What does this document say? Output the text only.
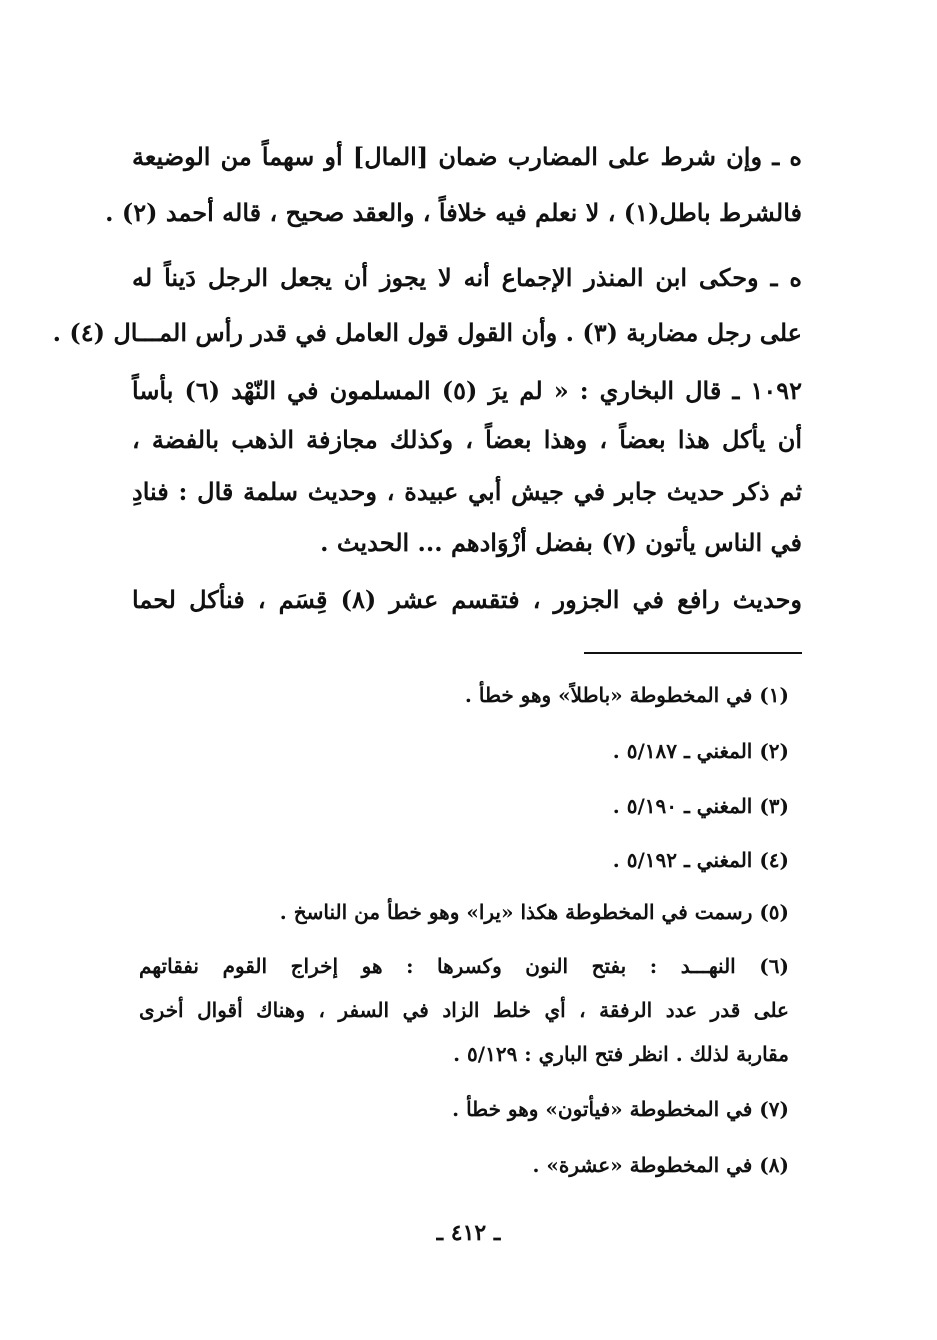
ه ـ وإن شرط على المضارب ضمان [المال] أو سهماً من الوضيعة
فالشرط باطل(١) ، لا نعلم فيه خلافاً ، والعقد صحيح ، قاله أحمد (٢) .
ه ـ وحكى ابن المنذر الإجماع أنه لا يجوز أن يجعل الرجل دَيناً له
على رجل مضاربة (٣) . وأن القول قول العامل في قدر رأس المـــال (٤) .
١٠٩٢ ـ قال البخاري : « لم يرَ (٥) المسلمون في النّهْد (٦) بأساً
أن يأكل هذا بعضاً ، وهذا بعضاً ، وكذلك مجازفة الذهب بالفضة ،
ثم ذكر حديث جابر في جيش أبي عبيدة ، وحديث سلمة قال : فنادِ
في الناس يأتون (٧) بفضل أزْوَادهم ... الحديث .
وحديث رافع في الجزور ، فتقسم عشر (٨) قِسَم ، فنأكل لحما
(١) في المخطوطة «باطلاً» وهو خطأ .
(٢) المغني ـ ٥/١٨٧ .
(٣) المغني ـ ٥/١٩٠ .
(٤) المغني ـ ٥/١٩٢ .
(٥) رسمت في المخطوطة هكذا «يرا» وهو خطأ من الناسخ .
(٦) النهـــد : بفتح النون وكسرها : هو إخراج القوم نفقاتهم
على قدر عدد الرفقة ، أي خلط الزاد في السفر ، وهناك أقوال أخرى
مقاربة لذلك . انظر فتح الباري : ٥/١٢٩ .
(٧) في المخطوطة «فيأتون» وهو خطأ .
(٨) في المخطوطة «عشرة» .
ـ ٤١٢ ـ
